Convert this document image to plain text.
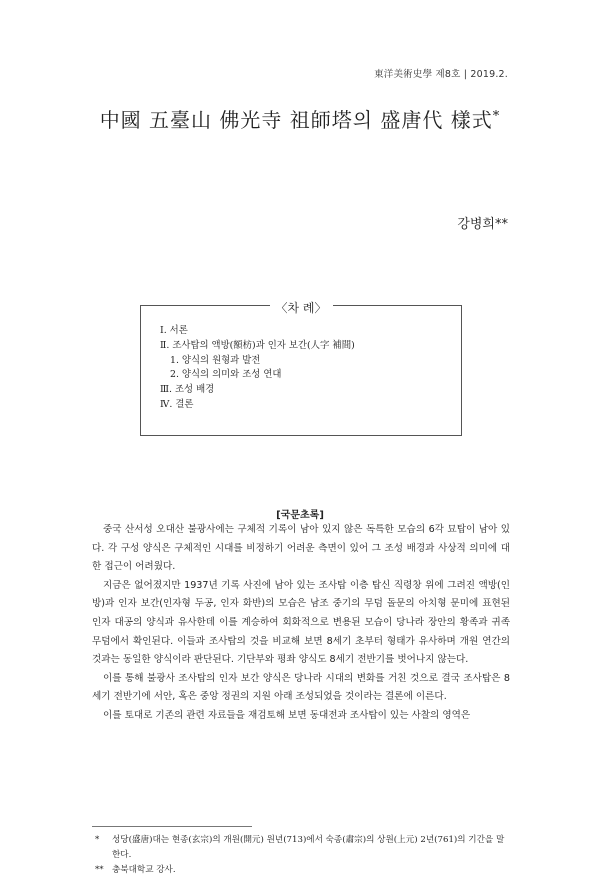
東洋美術史學 제8호 | 2019.2.
中國 五臺山 佛光寺 祖師塔의 盛唐代 樣式*
강병희**
〈차 례〉
Ⅰ. 서론
Ⅱ. 조사탑의 액방(額枋)과 인자 보간(人字 補間)
1. 양식의 원형과 발전
2. 양식의 의미와 조성 연대
Ⅲ. 조성 배경
Ⅳ. 결론
[국문초록]

중국 산서성 오대산 불광사에는 구체적 기록이 남아 있지 않은 독특한 모습의 6각 묘탑이 남아 있다. 각 구성 양식은 구체적인 시대를 비정하기 어려운 측면이 있어 그 조성 배경과 사상적 의미에 대한 접근이 어려웠다.

지금은 없어졌지만 1937년 기록 사진에 남아 있는 조사탑 이층 탑신 직령창 위에 그려진 액방(인방)과 인자 보간(인자형 두공, 인자 화반)의 모습은 남조 중기의 무덤 돌문의 아치형 문미에 표현된 인자 대공의 양식과 유사한데 이를 계승하여 회화적으로 변용된 모습이 당나라 장안의 황족과 귀족 무덤에서 확인된다. 이들과 조사탑의 것을 비교해 보면 8세기 초부터 형태가 유사하며 개원 연간의 것과는 동일한 양식이라 판단된다. 기단부와 평좌 양식도 8세기 전반기를 벗어나지 않는다.

이를 통해 불광사 조사탑의 인자 보간 양식은 당나라 시대의 변화를 거친 것으로 결국 조사탑은 8세기 전반기에 서안, 혹은 중앙 정권의 지원 아래 조성되었을 것이라는 결론에 이른다.

이를 토대로 기존의 관련 자료들을 재검토해 보면 동대전과 조사탑이 있는 사찰의 영역은

* 성당(盛唐)대는 현종(玄宗)의 개원(開元) 원년(713)에서 숙종(肅宗)의 상원(上元) 2년(761)의 기간을 말한다.
** 충북대학교 강사.
